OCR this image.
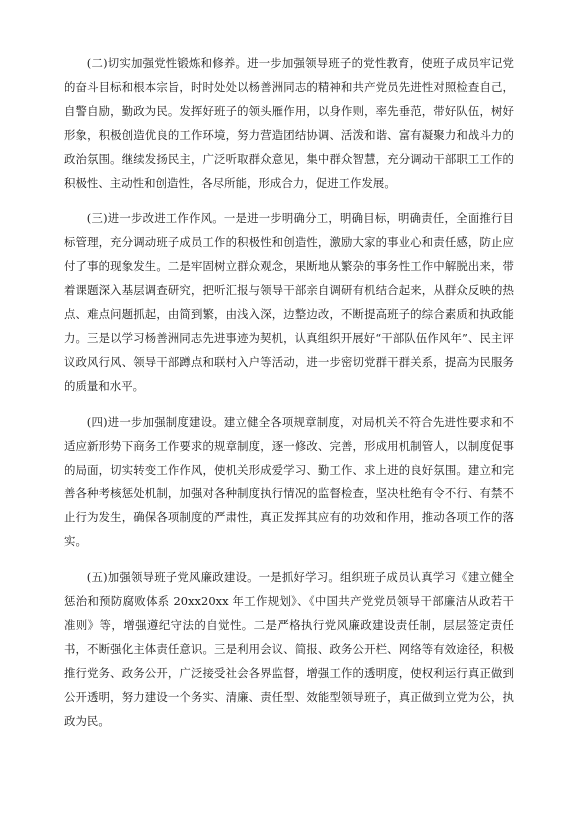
(二)切实加强党性锻炼和修养。进一步加强领导班子的党性教育，使班子成员牢记党的奋斗目标和根本宗旨，时时处处以杨善洲同志的精神和共产党员先进性对照检查自己，自警自励，勤政为民。发挥好班子的领头雁作用，以身作则，率先垂范，带好队伍，树好形象，积极创造优良的工作环境，努力营造团结协调、活泼和谐、富有凝聚力和战斗力的政治氛围。继续发扬民主，广泛听取群众意见，集中群众智慧，充分调动干部职工工作的积极性、主动性和创造性，各尽所能，形成合力，促进工作发展。

(三)进一步改进工作作风。一是进一步明确分工，明确目标，明确责任，全面推行目标管理，充分调动班子成员工作的积极性和创造性，激励大家的事业心和责任感，防止应付了事的现象发生。二是牢固树立群众观念，果断地从繁杂的事务性工作中解脱出来，带着课题深入基层调查研究，把听汇报与领导干部亲自调研有机结合起来，从群众反映的热点、难点问题抓起，由简到繁，由浅入深，边整边改，不断提高班子的综合素质和执政能力。三是以学习杨善洲同志先进事迹为契机，认真组织开展好“干部队伍作风年”、民主评议政风行风、领导干部蹲点和联村入户等活动，进一步密切党群干群关系，提高为民服务的质量和水平。

(四)进一步加强制度建设。建立健全各项规章制度，对局机关不符合先进性要求和不适应新形势下商务工作要求的规章制度，逐一修改、完善，形成用机制管人，以制度促事的局面，切实转变工作作风，使机关形成爱学习、勤工作、求上进的良好氛围。建立和完善各种考核惩处机制，加强对各种制度执行情况的监督检查，坚决杜绝有令不行、有禁不止行为发生，确保各项制度的严肃性，真正发挥其应有的功效和作用，推动各项工作的落实。

(五)加强领导班子党风廉政建设。一是抓好学习。组织班子成员认真学习《建立健全惩治和预防腐败体系 20xx20xx 年工作规划》、《中国共产党党员领导干部廉洁从政若干准则》等，增强遵纪守法的自觉性。二是严格执行党风廉政建设责任制，层层签定责任书，不断强化主体责任意识。三是利用会议、简报、政务公开栏、网络等有效途径，积极推行党务、政务公开，广泛接受社会各界监督，增强工作的透明度，使权利运行真正做到公开透明，努力建设一个务实、清廉、责任型、效能型领导班子，真正做到立党为公，执政为民。
